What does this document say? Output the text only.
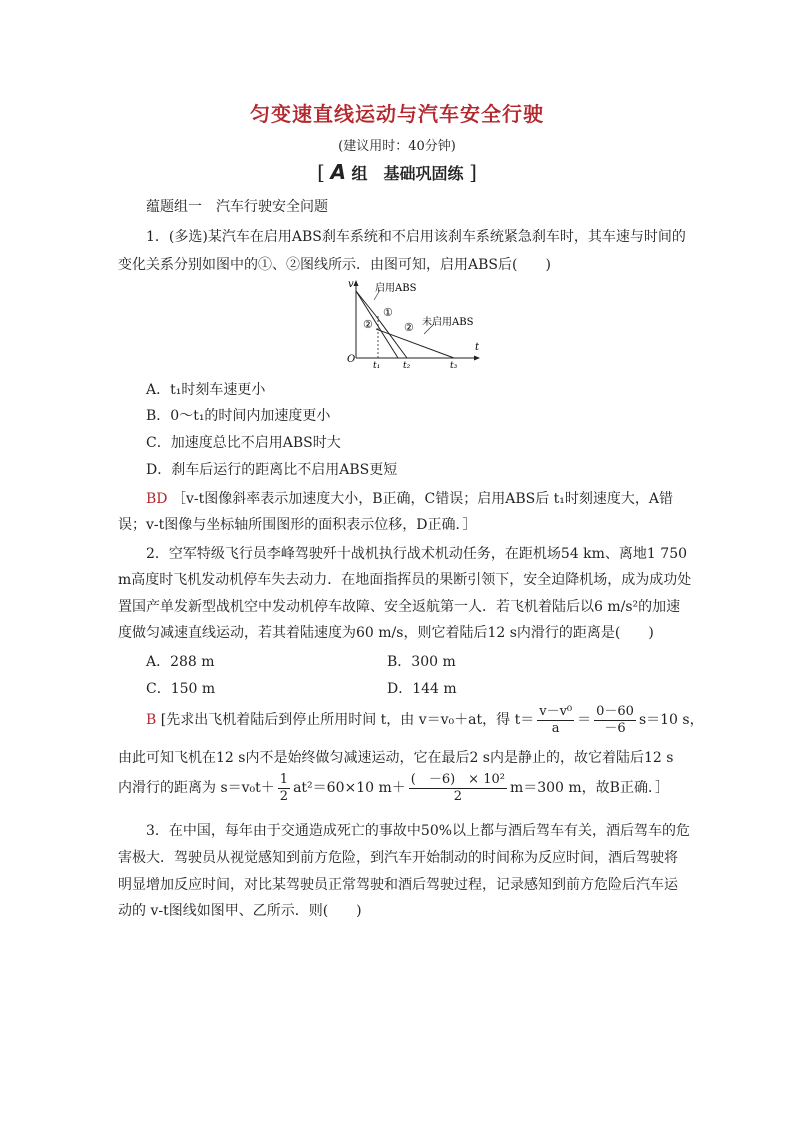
匀变速直线运动与汽车安全行驶
(建议用时：40分钟)
[ A 组　基础巩固练 ]
蕴题组一　汽车行驶安全问题
1．(多选)某汽车在启用ABS刹车系统和不启用该刹车系统紧急刹车时，其车速与时间的
变化关系分别如图中的①、②图线所示．由图可知，启用ABS后(　　)
v
t
O
启用ABS
未启用ABS
①
②	②
t₁	t₂	t₃
A．t₁时刻车速更小
B．0～t₁的时间内加速度更小
C．加速度总比不启用ABS时大
D．刹车后运行的距离比不启用ABS更短
BD ［v-t图像斜率表示加速度大小，B正确，C错误；启用ABS后 t₁时刻速度大，A错
误；v-t图像与坐标轴所围图形的面积表示位移，D正确．］
2．空军特级飞行员李峰驾驶歼十战机执行战术机动任务，在距机场54 km、离地1 750
m高度时飞机发动机停车失去动力．在地面指挥员的果断引领下，安全迫降机场，成为成功处
置国产单发新型战机空中发动机停车故障、安全返航第一人．若飞机着陆后以6 m/s²的加速
度做匀减速直线运动，若其着陆速度为60 m/s，则它着陆后12 s内滑行的距离是(　　)
A．288 m	B．300 m
C．150 m	D．144 m
B [先求出飞机着陆后到停止所用时间 t，由 v＝v₀＋at，得 $t= \frac{\text{v－v⁰}}{a} = \frac{0-60}{-6} s=10$ s，
由此可知飞机在12 s内不是始终做匀减速运动，它在最后2 s内是静止的，故它着陆后12 s
内滑行的距离为 $s=v_0t+ \frac{1}{2} at^2=60\times 10$ $m+ \frac{\text{(　－6)　× 10²}}{2} m=300$ m，故B正确．］
3．在中国，每年由于交通造成死亡的事故中50%以上都与酒后驾车有关，酒后驾车的危
害极大．驾驶员从视觉感知到前方危险，到汽车开始制动的时间称为反应时间，酒后驾驶将
明显增加反应时间，对比某驾驶员正常驾驶和酒后驾驶过程，记录感知到前方危险后汽车运
动的 v-t图线如图甲、乙所示．则(　　)
